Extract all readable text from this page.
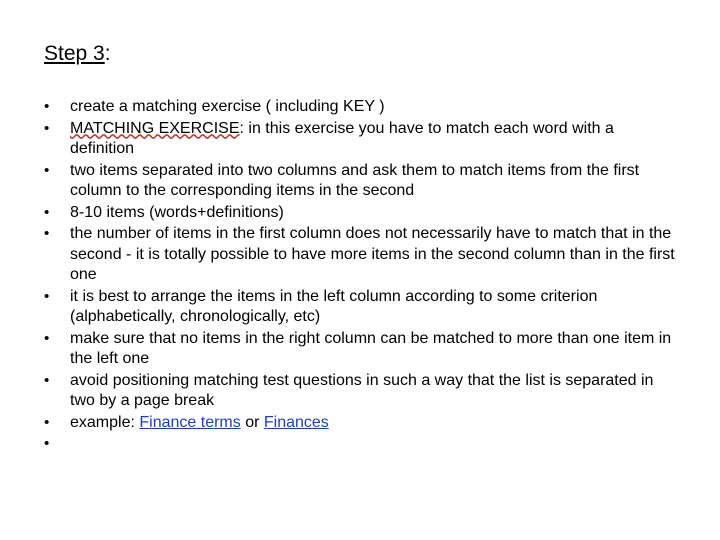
Step 3:
• create a matching exercise ( including KEY )
• MATCHING EXERCISE: in this exercise you have to match each word with a definition
• two items separated into two columns and ask them to match items from the first column to the corresponding items in the second
• 8-10 items (words+definitions)
• the number of items in the first column does not necessarily have to match that in the second - it is totally possible to have more items in the second column than in the first one
• it is best to arrange the items in the left column according to some criterion (alphabetically, chronologically, etc)
• make sure that no items in the right column can be matched to more than one item in the left one
• avoid positioning matching test questions in such a way that the list is separated in two by a page break
• example: Finance terms or Finances
•
